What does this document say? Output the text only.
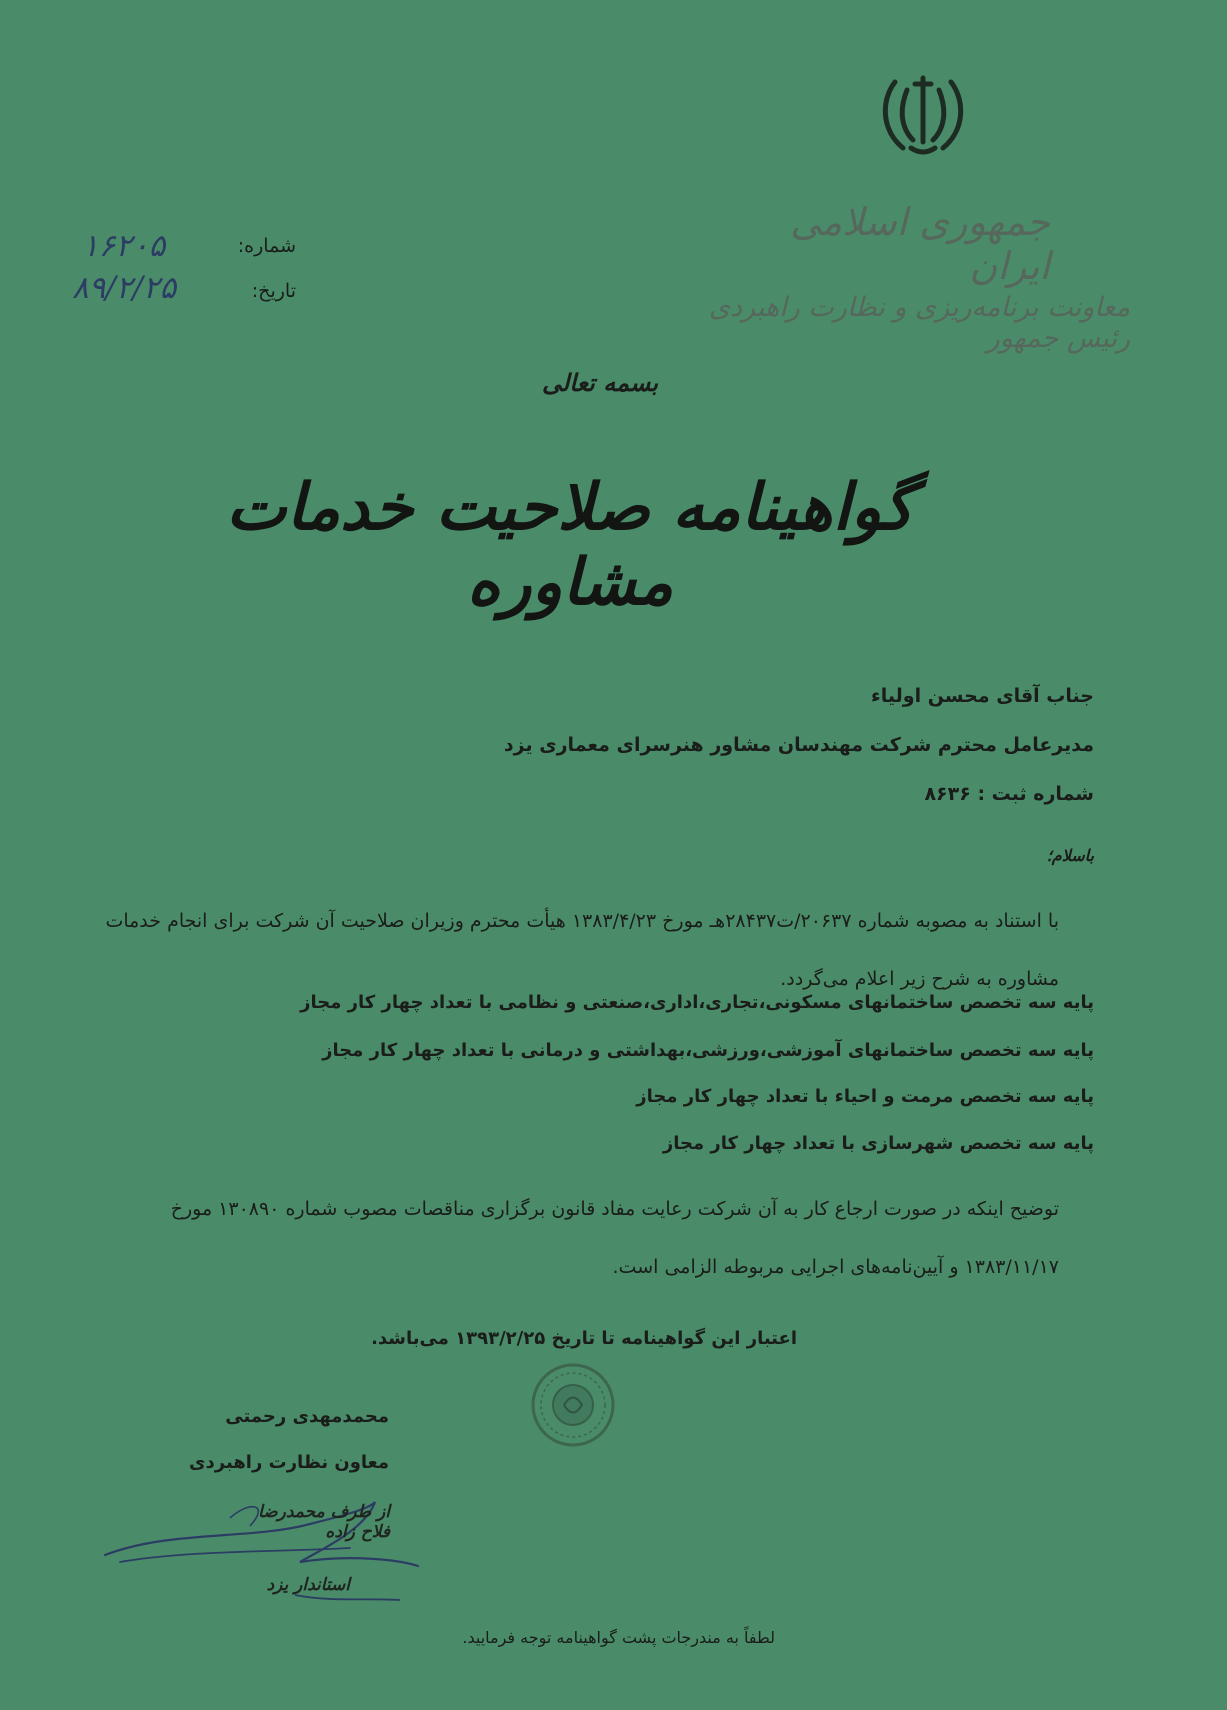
جمهوری اسلامی ایران
معاونت برنامه‌ریزی و نظارت راهبردی رئیس جمهور
شماره:
۱۶۲۰۵
تاریخ:
۸۹/۲/۲۵
بسمه تعالی
گواهینامه صلاحیت خدمات مشاوره
جناب آقای محسن اولیاء
مدیرعامل محترم شرکت مهندسان مشاور هنرسرای معماری یزد
شماره ثبت : ۸۶۳۶
باسلام؛
با استناد به مصوبه شماره ۲۰۶۳۷/ت۲۸۴۳۷هـ مورخ ۱۳۸۳/۴/۲۳ هیأت محترم وزیران صلاحیت آن شرکت برای انجام خدمات مشاوره به شرح زیر اعلام می‌گردد.
پایه سه تخصص ساختمانهای مسکونی،تجاری،اداری،صنعتی و نظامی با تعداد چهار کار مجاز
پایه سه تخصص ساختمانهای آموزشی،ورزشی،بهداشتی و درمانی با تعداد چهار کار مجاز
پایه سه تخصص مرمت و احیاء با تعداد چهار کار مجاز
پایه سه تخصص شهرسازی با تعداد چهار کار مجاز
توضیح اینکه در صورت ارجاع کار به آن شرکت رعایت مفاد قانون برگزاری مناقصات مصوب شماره ۱۳۰۸۹۰ مورخ ۱۳۸۳/۱۱/۱۷ و آیین‌نامه‌های اجرایی مربوطه الزامی است.
اعتبار این گواهینامه تا تاریخ ۱۳۹۳/۲/۲۵ می‌باشد.
محمدمهدی رحمتی
معاون نظارت راهبردی
از طرف محمدرضا فلاح زاده
استاندار یزد
لطفاً به مندرجات پشت گواهینامه توجه فرمایید.
